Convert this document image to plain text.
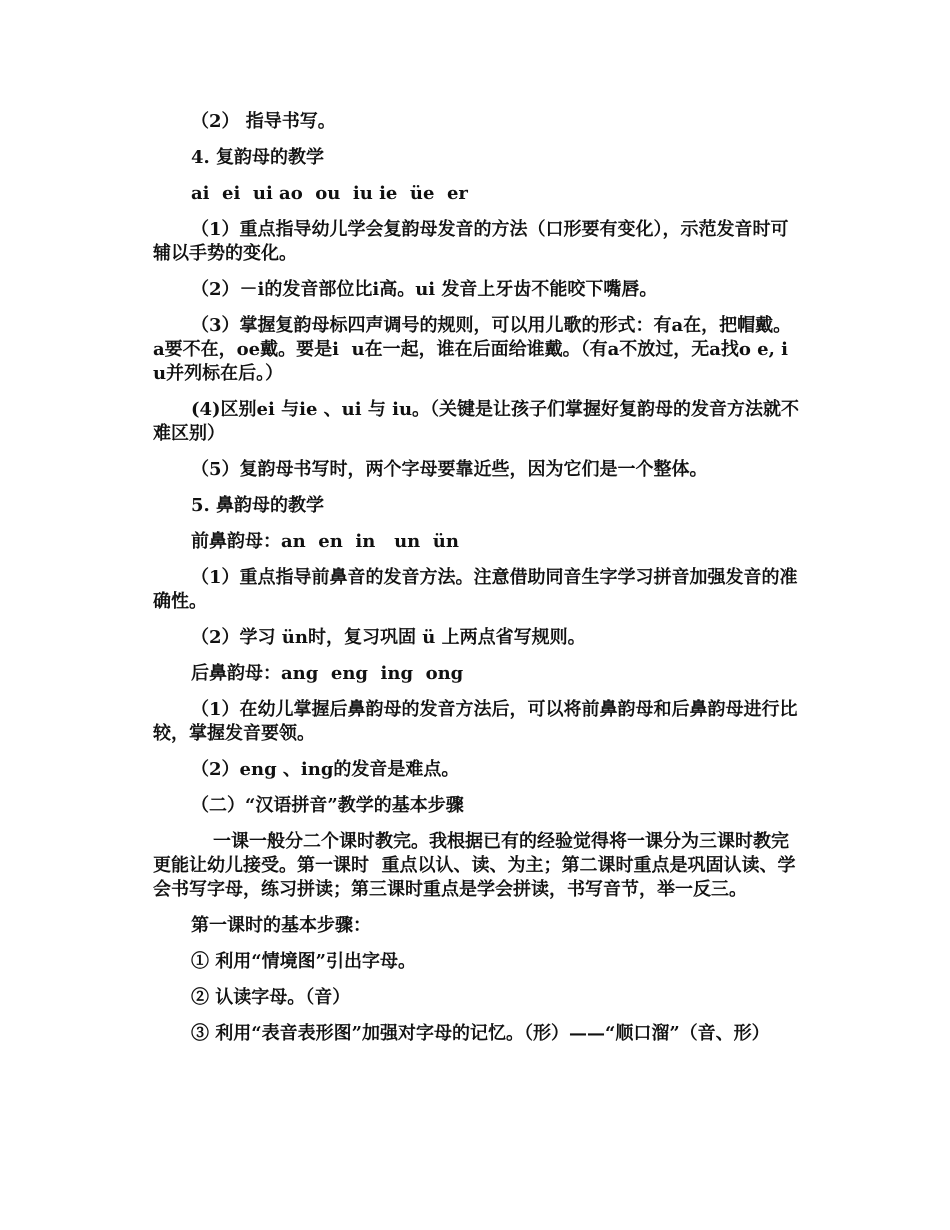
（2） 指导书写。

4. 复韵母的教学

ai  ei  ui ao  ou  iu ie  üe  er

（1）重点指导幼儿学会复韵母发音的方法（口形要有变化），示范发音时可辅以手势的变化。

（2）－i的发音部位比i高。ui 发音上牙齿不能咬下嘴唇。

（3）掌握复韵母标四声调号的规则，可以用儿歌的形式：有a在，把帽戴。a要不在，oe戴。要是i  u在一起，谁在后面给谁戴。（有a不放过，无a找o e, i u并列标在后。）

(4)区别ei 与ie 、ui 与 iu。（关键是让孩子们掌握好复韵母的发音方法就不难区别）

（5）复韵母书写时，两个字母要靠近些，因为它们是一个整体。

5. 鼻韵母的教学

前鼻韵母：an  en  in   un  ün

（1）重点指导前鼻音的发音方法。注意借助同音生字学习拼音加强发音的准确性。

（2）学习 ün时，复习巩固 ü 上两点省写规则。

后鼻韵母：ang  eng  ing  ong

（1）在幼儿掌握后鼻韵母的发音方法后，可以将前鼻韵母和后鼻韵母进行比较，掌握发音要领。

（2）eng 、ing的发音是难点。

（二）“汉语拼音”教学的基本步骤

一课一般分二个课时教完。我根据已有的经验觉得将一课分为三课时教完更能让幼儿接受。第一课时  重点以认、读、为主；第二课时重点是巩固认读、学会书写字母，练习拼读；第三课时重点是学会拼读，书写音节，举一反三。

第一课时的基本步骤：

① 利用“情境图”引出字母。

② 认读字母。（音）

③ 利用“表音表形图”加强对字母的记忆。（形）——“顺口溜”（音、形）
